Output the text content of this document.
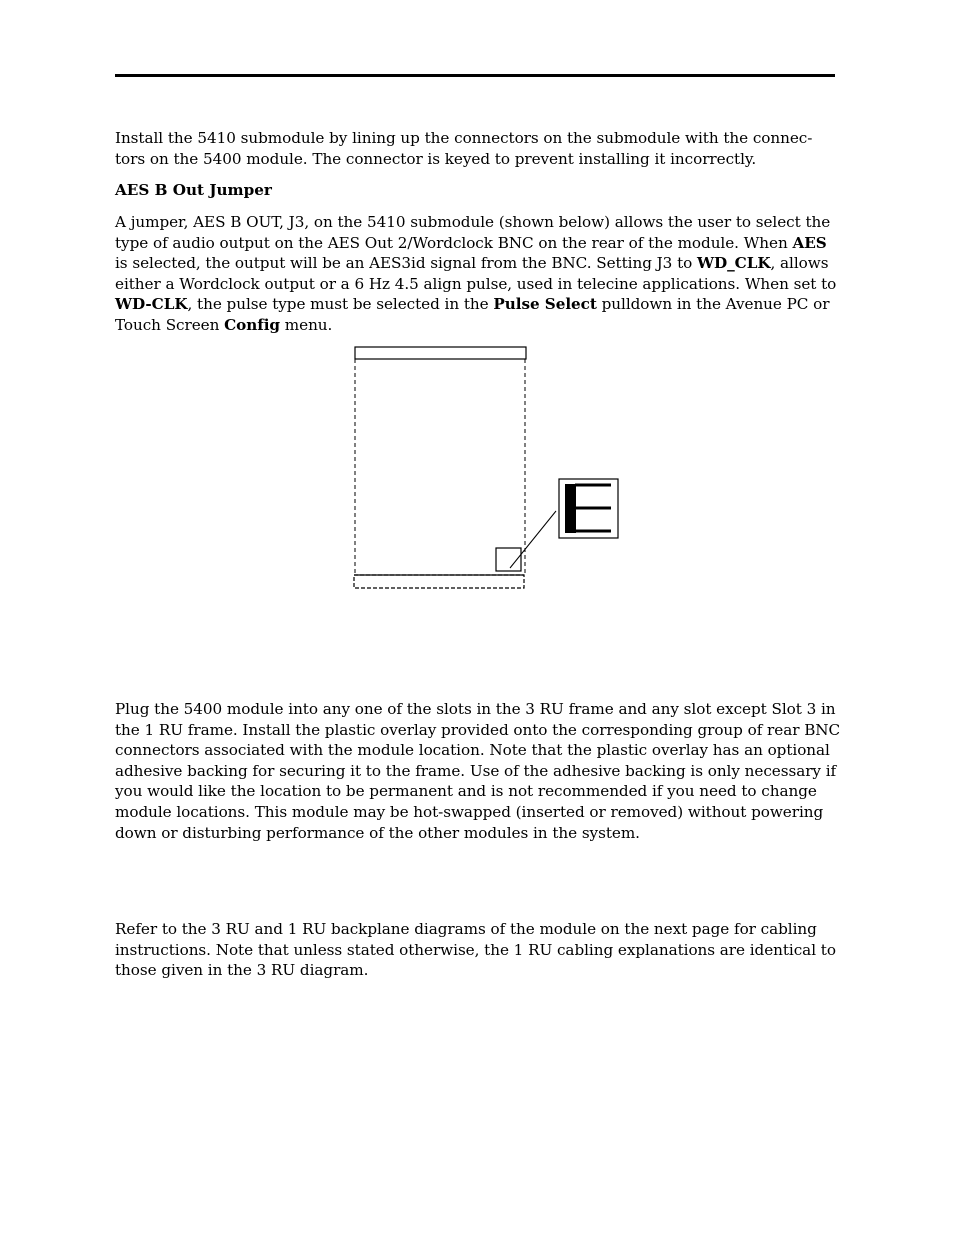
Install the 5410 submodule by lining up the connectors on the submodule with the connec- tors on the 5400 module. The connector is keyed to prevent installing it incorrectly.

AES B Out Jumper

A jumper, AES B OUT, J3, on the 5410 submodule (shown below) allows the user to select the type of audio output on the AES Out 2/Wordclock BNC on the rear of the module. When AES is selected, the output will be an AES3id signal from the BNC. Setting J3 to WD_CLK, allows either a Wordclock output or a 6 Hz 4.5 align pulse, used in telecine applications. When set to WD-CLK, the pulse type must be selected in the Pulse Select pulldown in the Avenue PC or Touch Screen Config menu.

Plug the 5400 module into any one of the slots in the 3 RU frame and any slot except Slot 3 in the 1 RU frame. Install the plastic overlay provided onto the corresponding group of rear BNC connectors associated with the module location. Note that the plastic overlay has an optional adhesive backing for securing it to the frame. Use of the adhesive backing is only necessary if you would like the location to be permanent and is not recommended if you need to change module locations. This module may be hot-swapped (inserted or removed) without powering down or disturbing performance of the other modules in the system.

Refer to the 3 RU and 1 RU backplane diagrams of the module on the next page for cabling instructions. Note that unless stated otherwise, the 1 RU cabling explanations are identical to those given in the 3 RU diagram.
